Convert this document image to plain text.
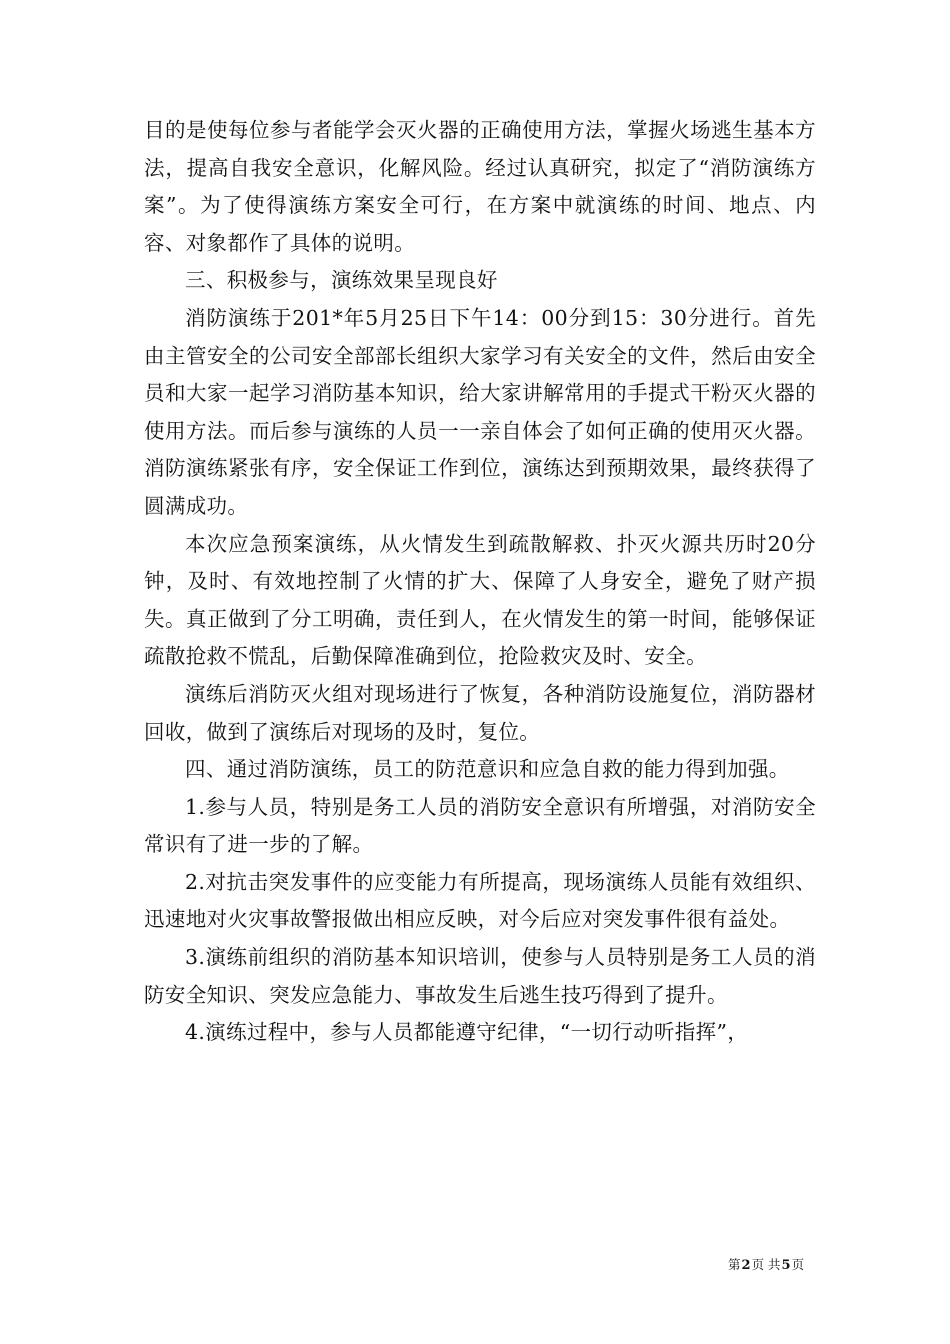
目的是使每位参与者能学会灭火器的正确使用方法，掌握火场逃生基本方法，提高自我安全意识，化解风险。经过认真研究，拟定了“消防演练方案”。为了使得演练方案安全可行，在方案中就演练的时间、地点、内容、对象都作了具体的说明。

三、积极参与，演练效果呈现良好

消防演练于201*年5月25日下午14：00分到15：30分进行。首先由主管安全的公司安全部部长组织大家学习有关安全的文件，然后由安全员和大家一起学习消防基本知识，给大家讲解常用的手提式干粉灭火器的使用方法。而后参与演练的人员一一亲自体会了如何正确的使用灭火器。消防演练紧张有序，安全保证工作到位，演练达到预期效果，最终获得了圆满成功。

本次应急预案演练，从火情发生到疏散解救、扑灭火源共历时20分钟，及时、有效地控制了火情的扩大、保障了人身安全，避免了财产损失。真正做到了分工明确，责任到人，在火情发生的第一时间，能够保证疏散抢救不慌乱，后勤保障准确到位，抢险救灾及时、安全。

演练后消防灭火组对现场进行了恢复，各种消防设施复位，消防器材回收，做到了演练后对现场的及时，复位。

四、通过消防演练，员工的防范意识和应急自救的能力得到加强。

1.参与人员，特别是务工人员的消防安全意识有所增强，对消防安全常识有了进一步的了解。

2.对抗击突发事件的应变能力有所提高，现场演练人员能有效组织、迅速地对火灾事故警报做出相应反映，对今后应对突发事件很有益处。

3.演练前组织的消防基本知识培训，使参与人员特别是务工人员的消防安全知识、突发应急能力、事故发生后逃生技巧得到了提升。

4.演练过程中，参与人员都能遵守纪律，“一切行动听指挥”，

第2页 共5页
